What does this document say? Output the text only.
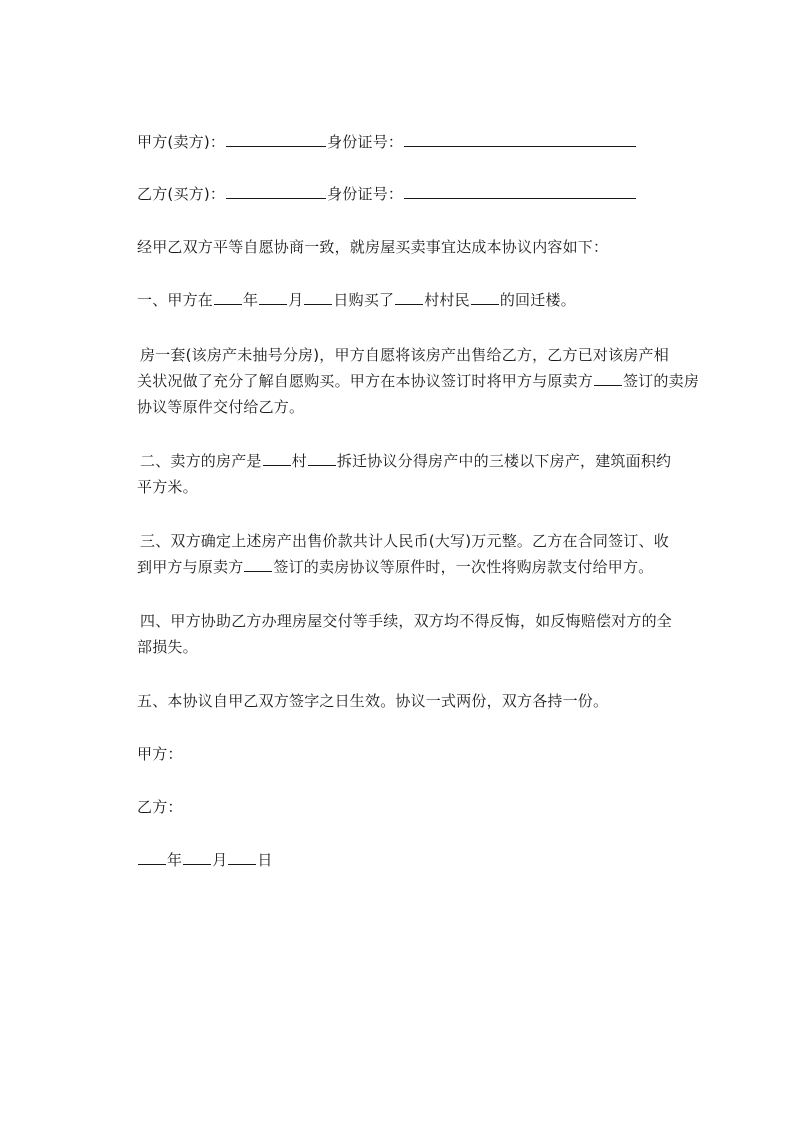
甲方(卖方)：	身份证号：
乙方(买方)：	身份证号：
经甲乙双方平等自愿协商一致，就房屋买卖事宜达成本协议内容如下：
一、甲方在 年 月 日购买了 村村民 的回迁楼。
房一套(该房产未抽号分房)，甲方自愿将该房产出售给乙方，乙方已对该房产相
关状况做了充分了解自愿购买。甲方在本协议签订时将甲方与原卖方 签订的卖房
协议等原件交付给乙方。
二、卖方的房产是 村 拆迁协议分得房产中的三楼以下房产，建筑面积约
平方米。
三、双方确定上述房产出售价款共计人民币(大写)万元整。乙方在合同签订、收
到甲方与原卖方 签订的卖房协议等原件时，一次性将购房款支付给甲方。
四、甲方协助乙方办理房屋交付等手续，双方均不得反悔，如反悔赔偿对方的全
部损失。
五、本协议自甲乙双方签字之日生效。协议一式两份，双方各持一份。
甲方：
乙方：
年 月 日
